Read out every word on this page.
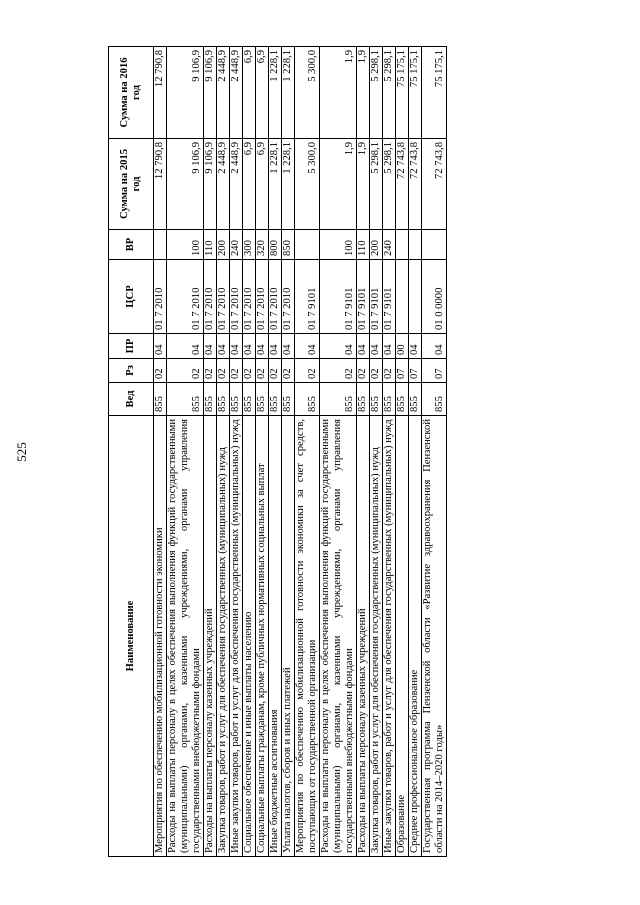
525
Наименование	Вед	Рз	ПР	ЦСР	ВР	Сумма на 2015 год	Сумма на 2016 год
Мероприятия по обеспечению мобилизационной готовности экономики	855	02	04	01 7 2010		12 790,8	12 790,8
Расходы на выплаты персоналу в целях обеспечения выполнения функций государственными (муниципальными) органами, казенными учреждениями, органами управления государственными внебюджетными фондами	855	02	04	01 7 2010	100	9 106,9	9 106,9
Расходы на выплаты персоналу казенных учреждений	855	02	04	01 7 2010	110	9 106,9	9 106,9
Закупка товаров, работ и услуг для обеспечения государственных (муниципальных) нужд	855	02	04	01 7 2010	200	2 448,9	2 448,9
Иные закупки товаров, работ и услуг для обеспечения государственных (муниципальных) нужд	855	02	04	01 7 2010	240	2 448,9	2 448,9
Социальное обеспечение и иные выплаты населению	855	02	04	01 7 2010	300	6,9	6,9
Социальные выплаты гражданам, кроме публичных нормативных социальных выплат	855	02	04	01 7 2010	320	6,9	6,9
Иные бюджетные ассигнования	855	02	04	01 7 2010	800	1 228,1	1 228,1
Уплата налогов, сборов и иных платежей	855	02	04	01 7 2010	850	1 228,1	1 228,1
Мероприятия по обеспечению мобилизационной готовности экономики за счет средств, поступающих от государственной организации	855	02	04	01 7 9101		5 300,0	5 300,0
Расходы на выплаты персоналу в целях обеспечения выполнения функций государственными (муниципальными) органами, казенными учреждениями, органами управления государственными внебюджетными фондами	855	02	04	01 7 9101	100	1,9	1,9
Расходы на выплаты персоналу казенных учреждений	855	02	04	01 7 9101	110	1,9	1,9
Закупка товаров, работ и услуг для обеспечения государственных (муниципальных) нужд	855	02	04	01 7 9101	200	5 298,1	5 298,1
Иные закупки товаров, работ и услуг для обеспечения государственных (муниципальных) нужд	855	02	04	01 7 9101	240	5 298,1	5 298,1
Образование	855	07	00			72 743,8	75 175,1
Среднее профессиональное образование	855	07	04			72 743,8	75 175,1
Государственная программа Пензенской области «Развитие здравоохранения Пензенской области на 2014–2020 годы»	855	07	04	01 0 0000		72 743,8	75 175,1
